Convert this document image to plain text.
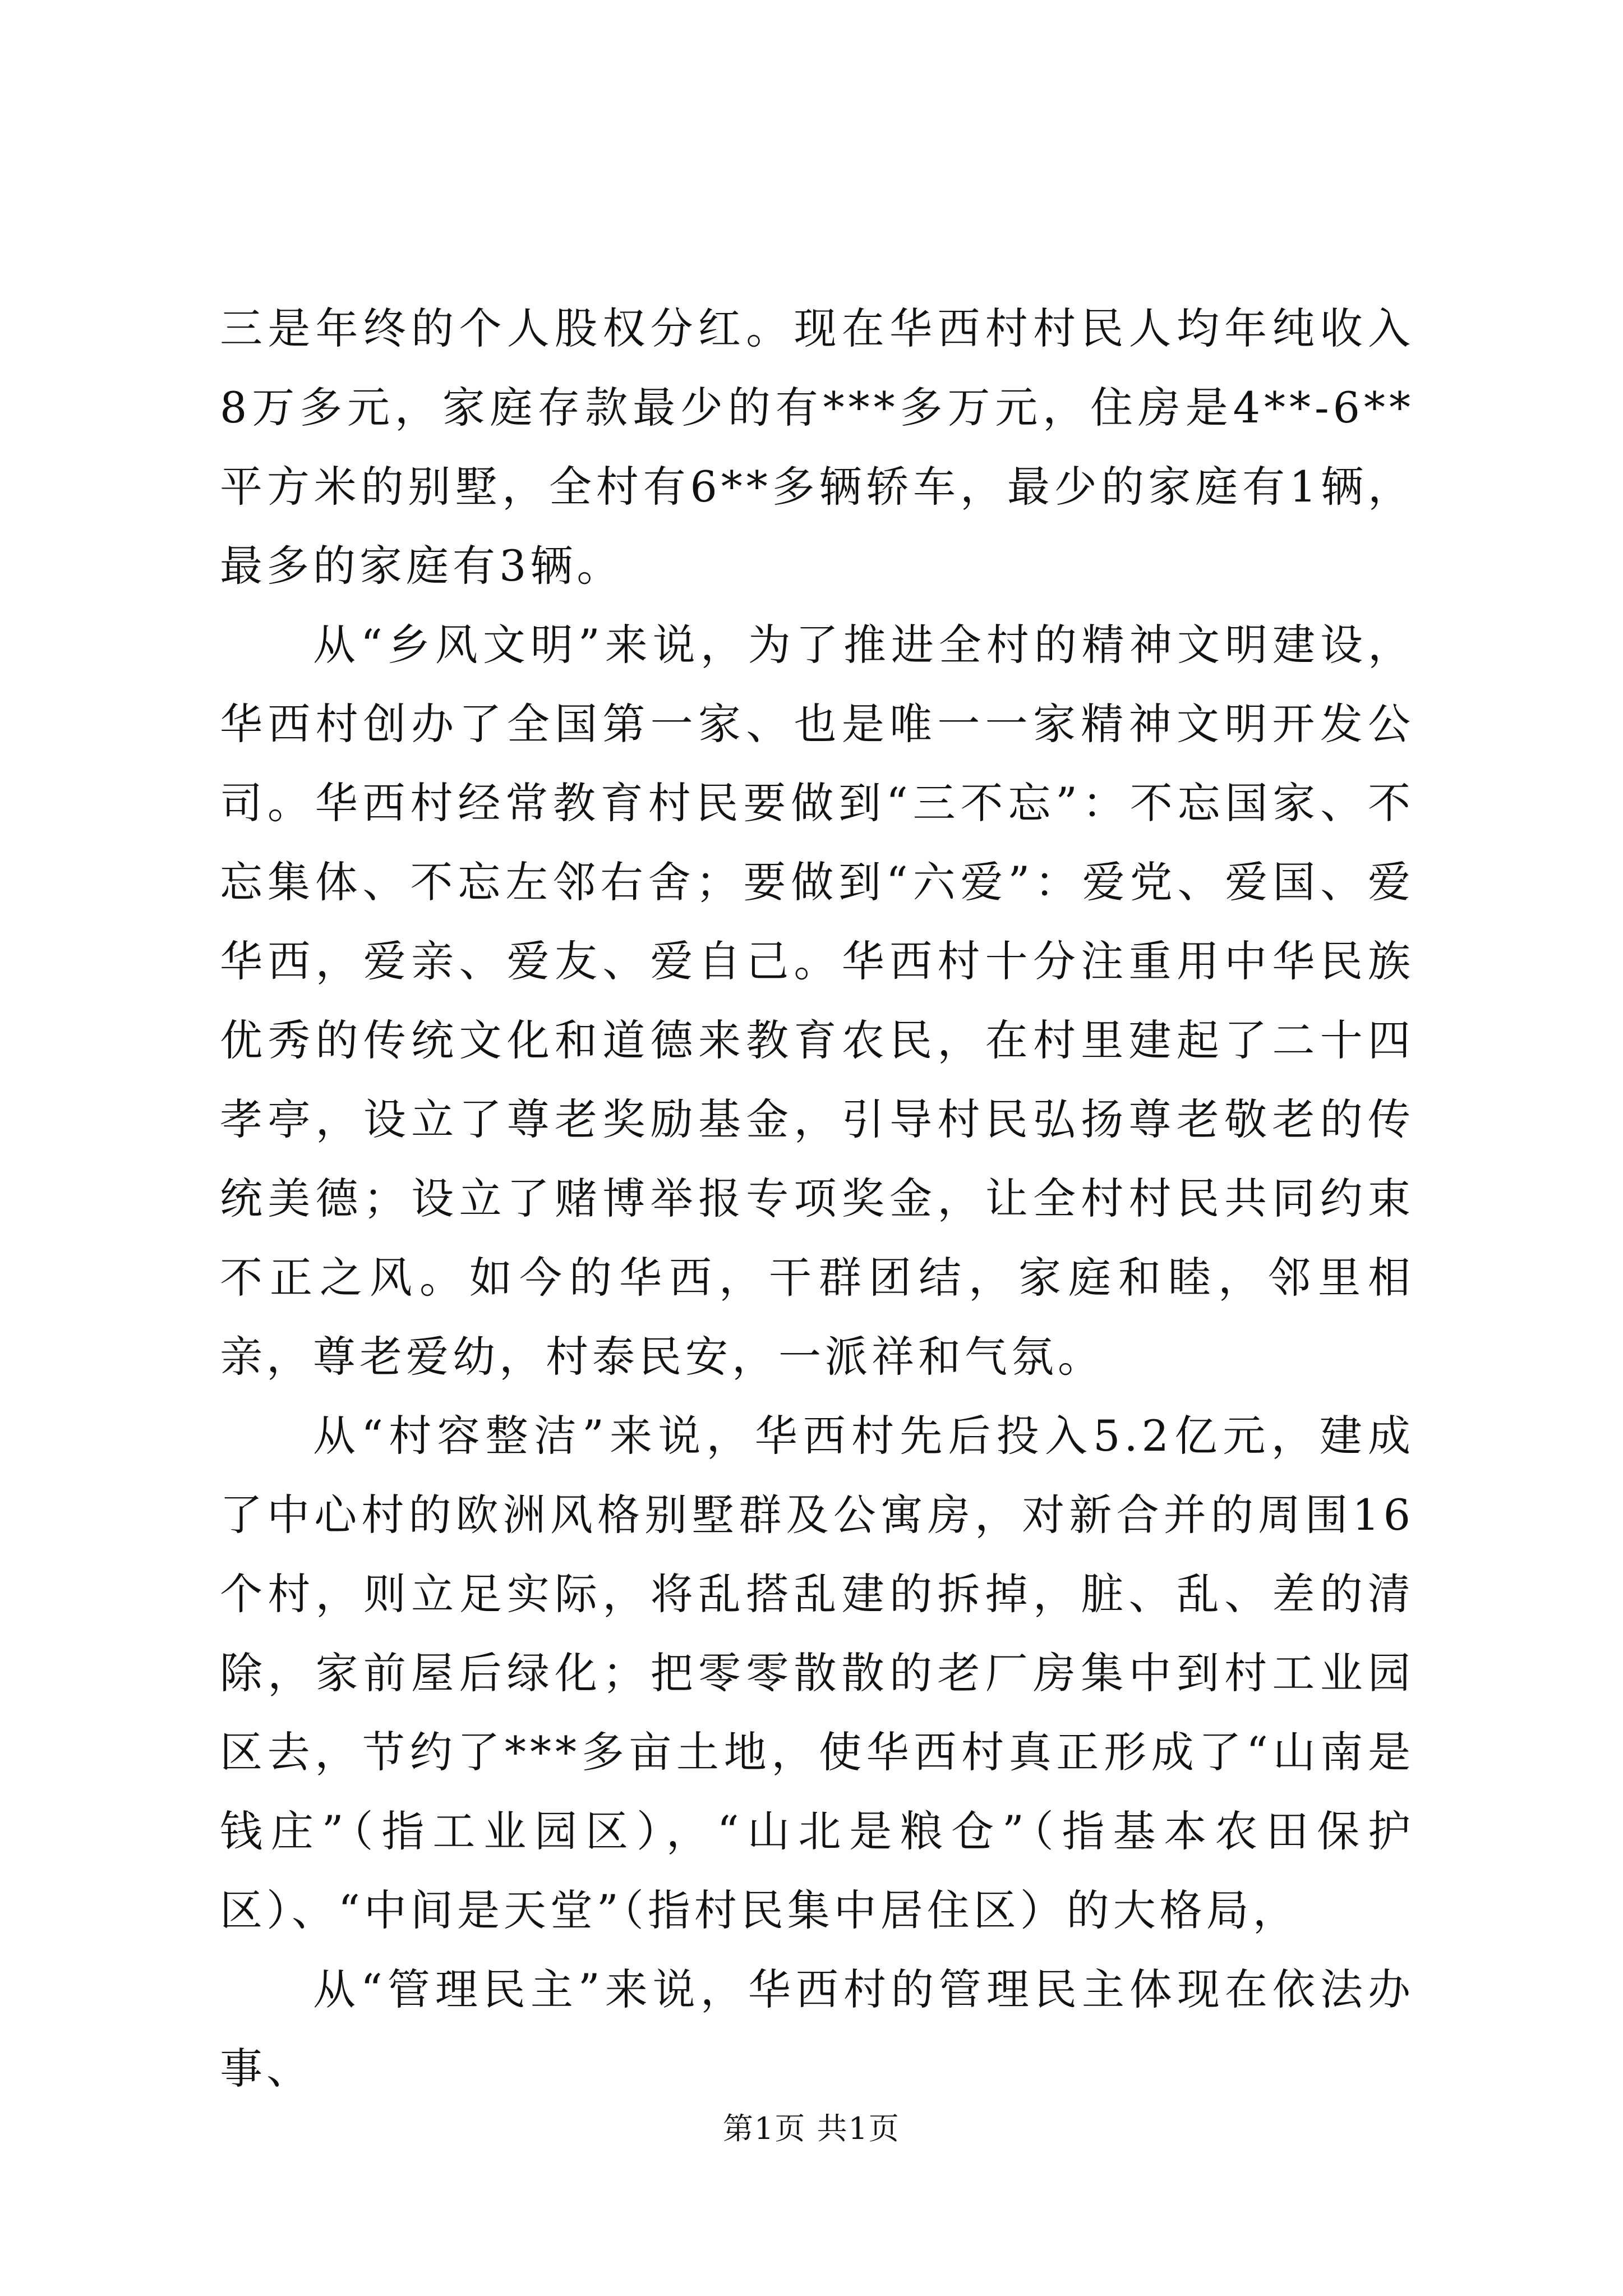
三是年终的个人股权分红。现在华西村村民人均年纯收入8万多元，家庭存款最少的有***多万元，住房是4**-6**平方米的别墅，全村有6**多辆轿车，最少的家庭有1辆，最多的家庭有3辆。

从“乡风文明”来说，为了推进全村的精神文明建设，华西村创办了全国第一家、也是唯一一家精神文明开发公司。华西村经常教育村民要做到“三不忘”：不忘国家、不忘集体、不忘左邻右舍；要做到“六爱”：爱党、爱国、爱华西，爱亲、爱友、爱自己。华西村十分注重用中华民族优秀的传统文化和道德来教育农民，在村里建起了二十四孝亭，设立了尊老奖励基金，引导村民弘扬尊老敬老的传统美德；设立了赌博举报专项奖金，让全村村民共同约束不正之风。如今的华西，干群团结，家庭和睦，邻里相亲，尊老爱幼，村泰民安，一派祥和气氛。

从“村容整洁”来说，华西村先后投入5.2亿元，建成了中心村的欧洲风格别墅群及公寓房，对新合并的周围16个村，则立足实际，将乱搭乱建的拆掉，脏、乱、差的清除，家前屋后绿化；把零零散散的老厂房集中到村工业园区去，节约了***多亩土地，使华西村真正形成了“山南是钱庄”（指工业园区），“山北是粮仓”（指基本农田保护区）、“中间是天堂”（指村民集中居住区）的大格局，

从“管理民主”来说，华西村的管理民主体现在依法办事、

第1页 共1页
